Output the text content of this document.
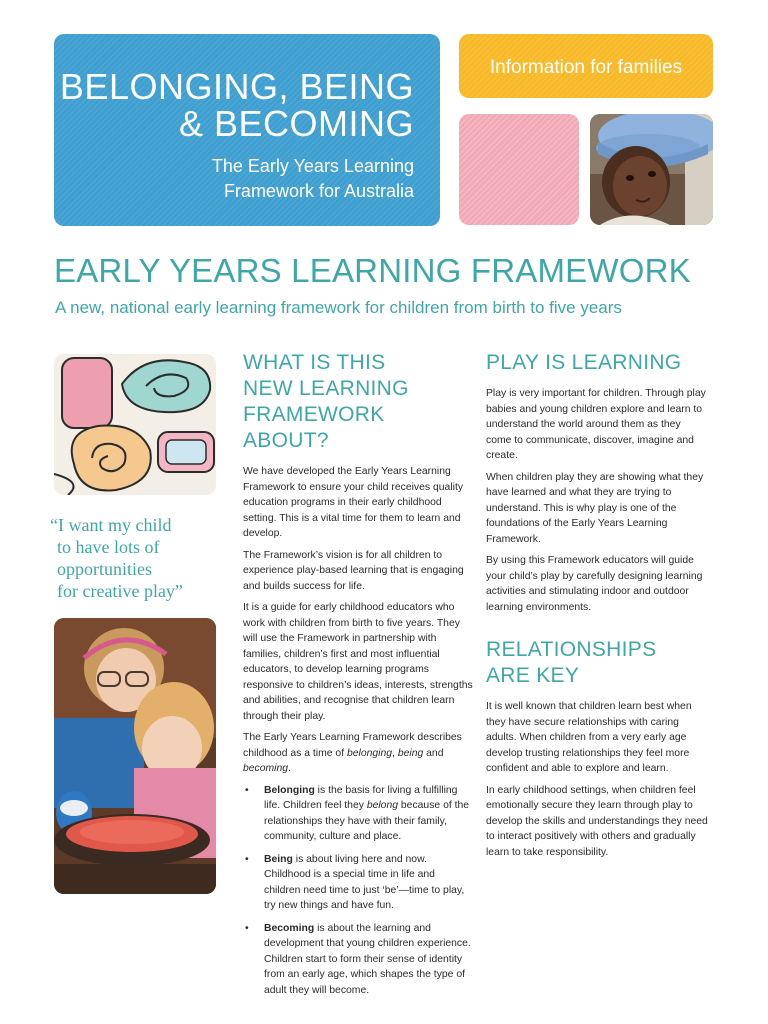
BELONGING, BEING
& BECOMING
The Early Years Learning
Framework for Australia
Information for families
EARLY YEARS LEARNING FRAMEWORK
A new, national early learning framework for children from birth to five years
“I want my child
to have lots of
opportunities
for creative play”
WHAT IS THIS
NEW LEARNING
FRAMEWORK ABOUT?

We have developed the Early Years Learning Framework to ensure your child receives quality education programs in their early childhood setting. This is a vital time for them to learn and develop.

The Framework’s vision is for all children to experience play-based learning that is engaging and builds success for life.

It is a guide for early childhood educators who work with children from birth to five years. They will use the Framework in partnership with families, children’s first and most influential educators, to develop learning programs responsive to children’s ideas, interests, strengths and abilities, and recognise that children learn through their play.

The Early Years Learning Framework describes childhood as a time of belonging, being and becoming.

• Belonging is the basis for living a fulfilling life. Children feel they belong because of the relationships they have with their family, community, culture and place.
• Being is about living here and now. Childhood is a special time in life and children need time to just ‘be’—time to play, try new things and have fun.
• Becoming is about the learning and development that young children experience. Children start to form their sense of identity from an early age, which shapes the type of adult they will become.
PLAY IS LEARNING

Play is very important for children. Through play babies and young children explore and learn to understand the world around them as they come to communicate, discover, imagine and create.

When children play they are showing what they have learned and what they are trying to understand. This is why play is one of the foundations of the Early Years Learning Framework.

By using this Framework educators will guide your child’s play by carefully designing learning activities and stimulating indoor and outdoor learning environments.

RELATIONSHIPS
ARE KEY

It is well known that children learn best when they have secure relationships with caring adults. When children from a very early age develop trusting relationships they feel more confident and able to explore and learn.

In early childhood settings, when children feel emotionally secure they learn through play to develop the skills and understandings they need to interact positively with others and gradually learn to take responsibility.
